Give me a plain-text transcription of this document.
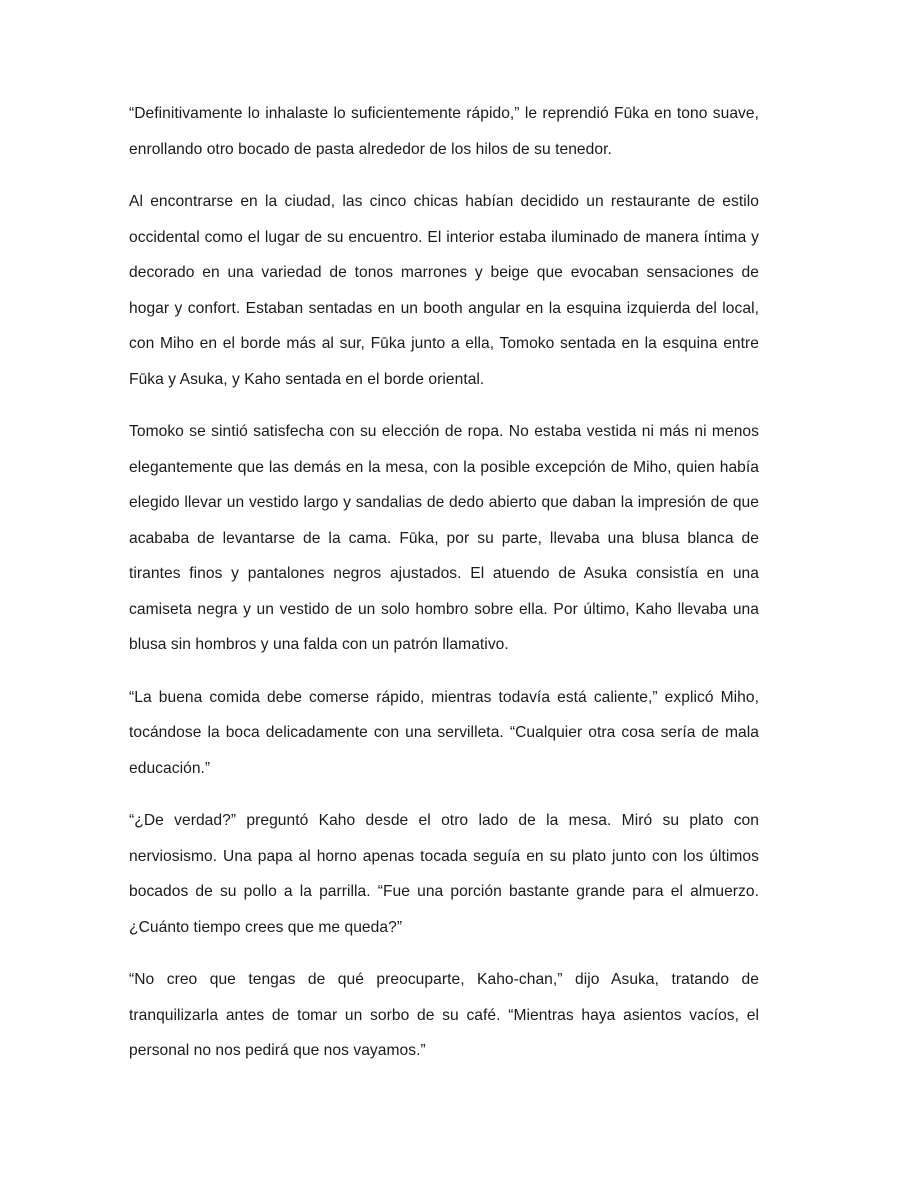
“Definitivamente lo inhalaste lo suficientemente rápido,” le reprendió Fūka en tono suave, enrollando otro bocado de pasta alrededor de los hilos de su tenedor.

Al encontrarse en la ciudad, las cinco chicas habían decidido un restaurante de estilo occidental como el lugar de su encuentro. El interior estaba iluminado de manera íntima y decorado en una variedad de tonos marrones y beige que evocaban sensaciones de hogar y confort. Estaban sentadas en un booth angular en la esquina izquierda del local, con Miho en el borde más al sur, Fūka junto a ella, Tomoko sentada en la esquina entre Fūka y Asuka, y Kaho sentada en el borde oriental.

Tomoko se sintió satisfecha con su elección de ropa. No estaba vestida ni más ni menos elegantemente que las demás en la mesa, con la posible excepción de Miho, quien había elegido llevar un vestido largo y sandalias de dedo abierto que daban la impresión de que acababa de levantarse de la cama. Fūka, por su parte, llevaba una blusa blanca de tirantes finos y pantalones negros ajustados. El atuendo de Asuka consistía en una camiseta negra y un vestido de un solo hombro sobre ella. Por último, Kaho llevaba una blusa sin hombros y una falda con un patrón llamativo.

“La buena comida debe comerse rápido, mientras todavía está caliente,” explicó Miho, tocándose la boca delicadamente con una servilleta. “Cualquier otra cosa sería de mala educación.”

“¿De verdad?” preguntó Kaho desde el otro lado de la mesa. Miró su plato con nerviosismo. Una papa al horno apenas tocada seguía en su plato junto con los últimos bocados de su pollo a la parrilla. “Fue una porción bastante grande para el almuerzo. ¿Cuánto tiempo crees que me queda?”

“No creo que tengas de qué preocuparte, Kaho-chan,” dijo Asuka, tratando de tranquilizarla antes de tomar un sorbo de su café. “Mientras haya asientos vacíos, el personal no nos pedirá que nos vayamos.”
